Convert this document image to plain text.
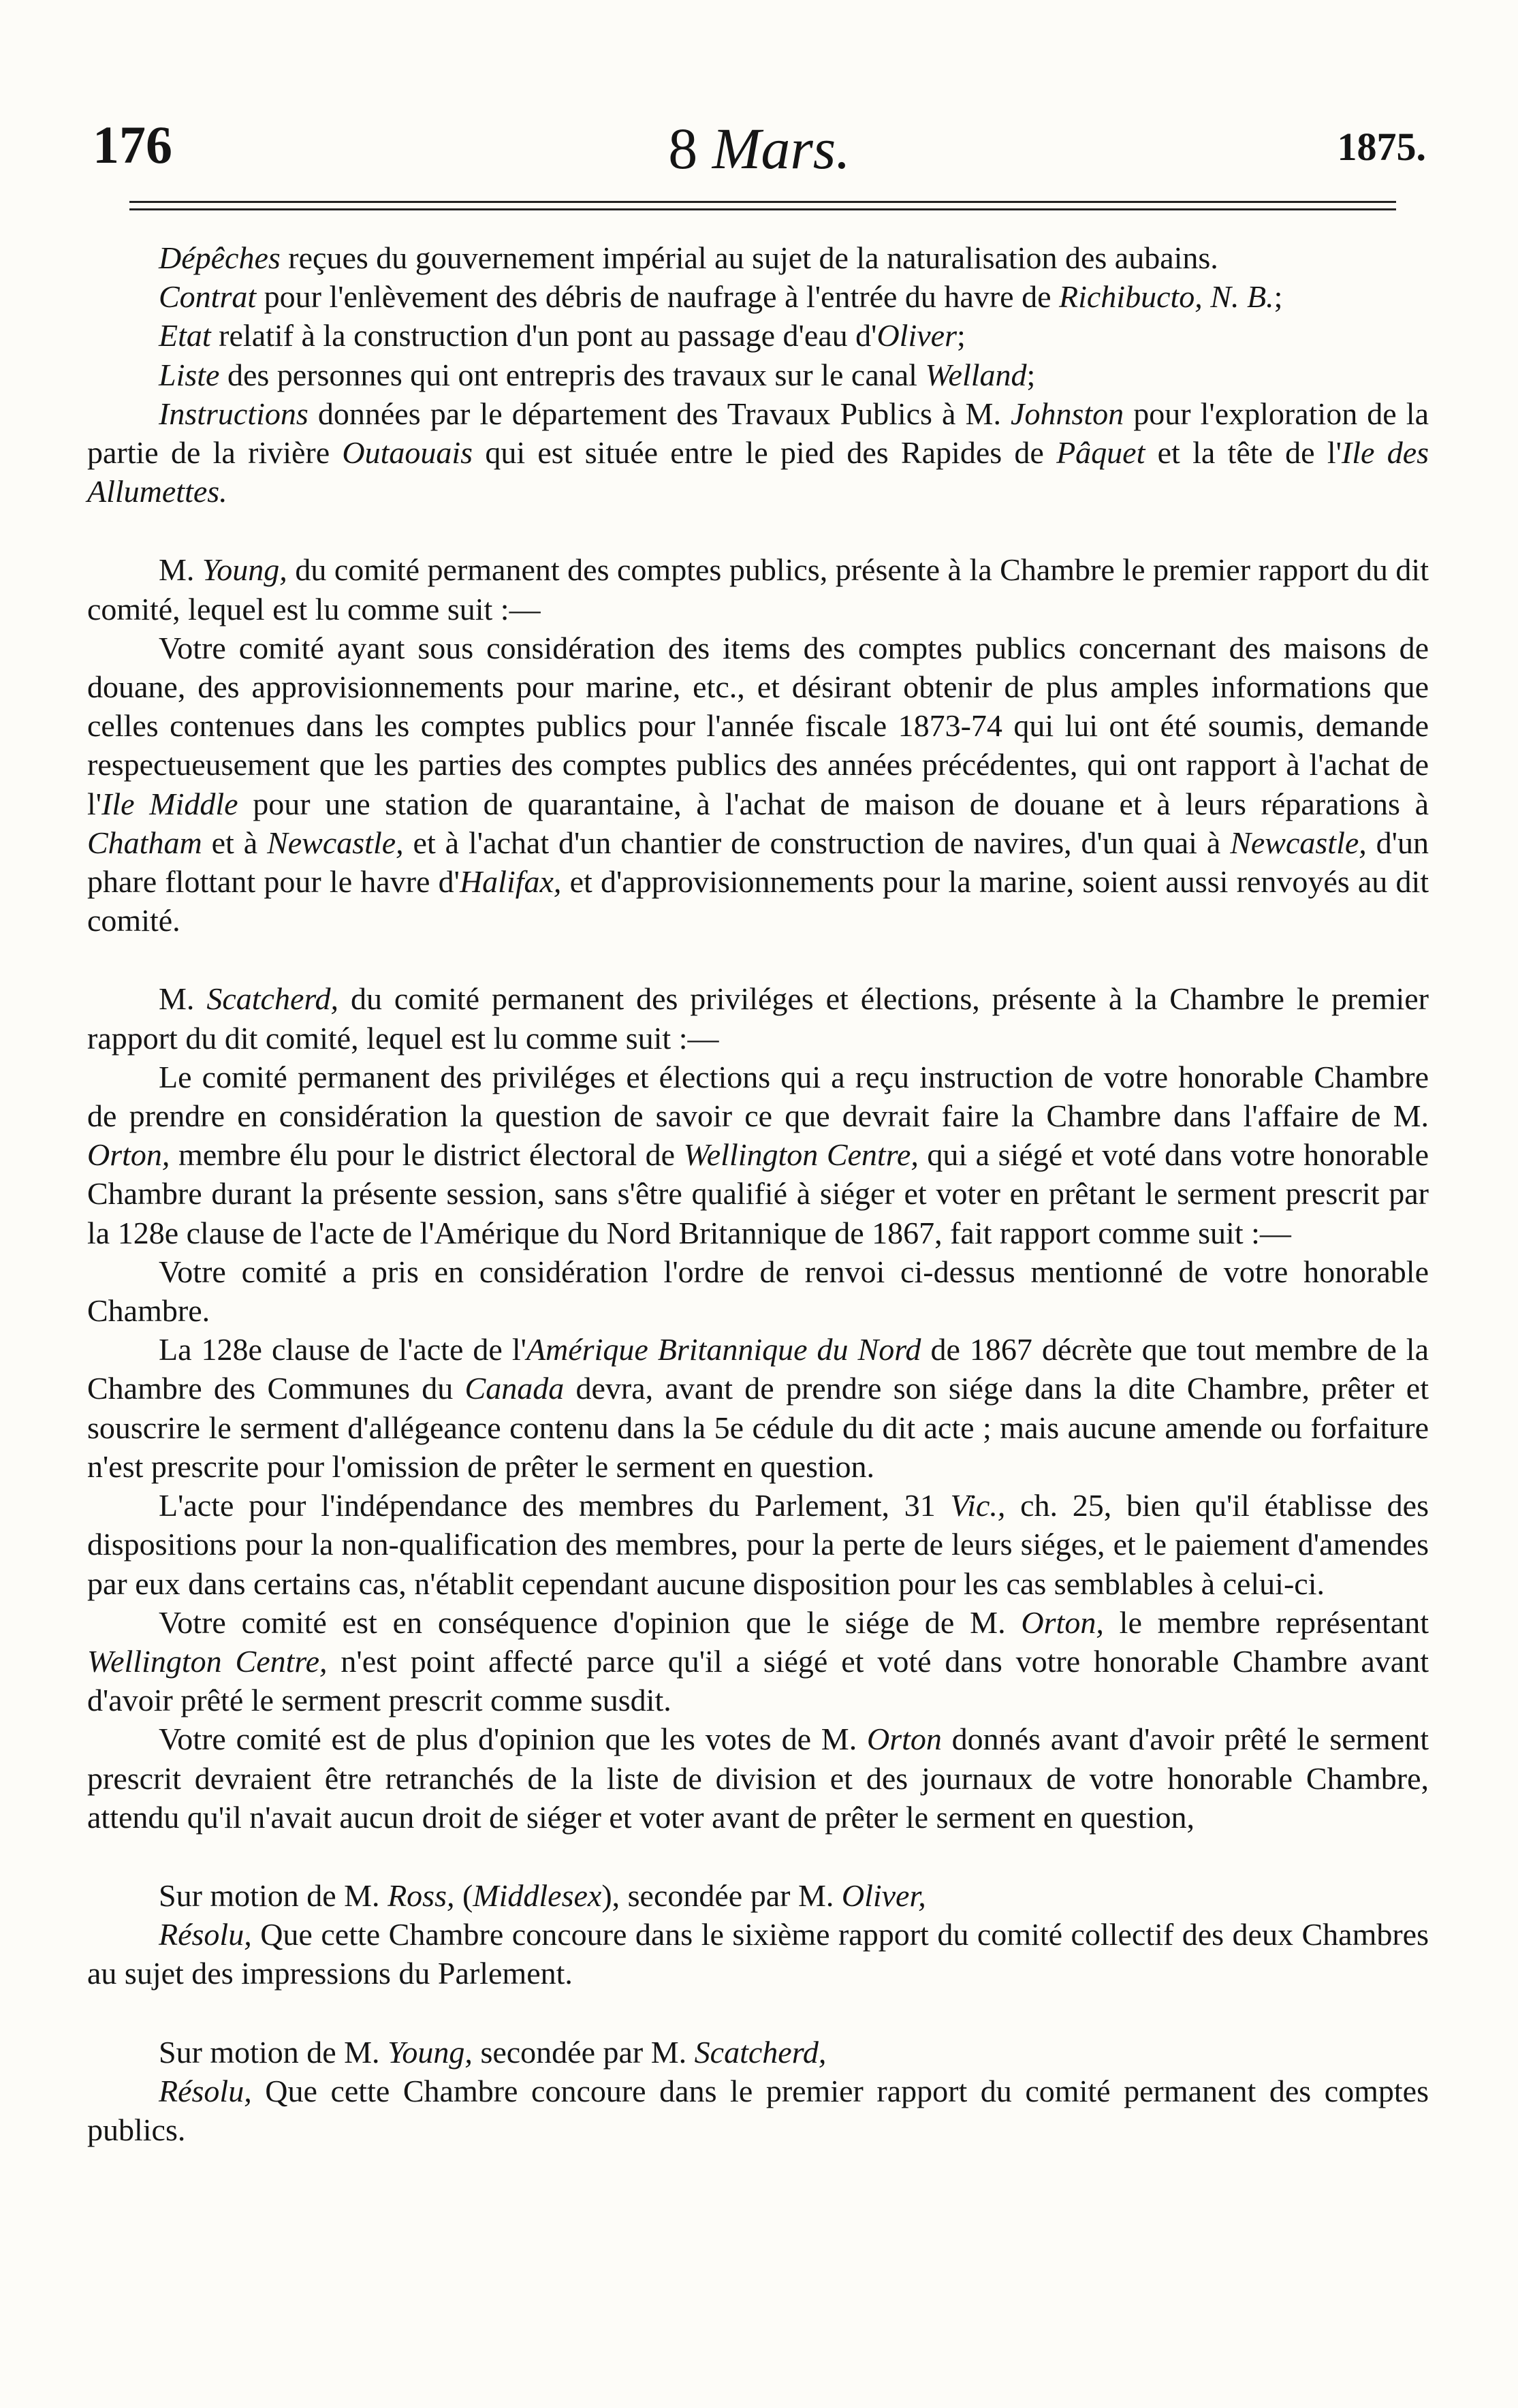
176	8 Mars.	1875.

Dépêches reçues du gouvernement impérial au sujet de la naturalisation des aubains.

Contrat pour l'enlèvement des débris de naufrage à l'entrée du havre de Richibucto, N. B.;

Etat relatif à la construction d'un pont au passage d'eau d'Oliver;

Liste des personnes qui ont entrepris des travaux sur le canal Welland;

Instructions données par le département des Travaux Publics à M. Johnston pour l'exploration de la partie de la rivière Outaouais qui est située entre le pied des Rapides de Pâquet et la tête de l'Ile des Allumettes.

M. Young, du comité permanent des comptes publics, présente à la Chambre le premier rapport du dit comité, lequel est lu comme suit :—

Votre comité ayant sous considération des items des comptes publics concernant des maisons de douane, des approvisionnements pour marine, etc., et désirant obtenir de plus amples informations que celles contenues dans les comptes publics pour l'année fiscale 1873-74 qui lui ont été soumis, demande respectueusement que les parties des comptes publics des années précédentes, qui ont rapport à l'achat de l'Ile Middle pour une station de quarantaine, à l'achat de maison de douane et à leurs réparations à Chatham et à Newcastle, et à l'achat d'un chantier de construction de navires, d'un quai à Newcastle, d'un phare flottant pour le havre d'Halifax, et d'approvisionnements pour la marine, soient aussi renvoyés au dit comité.

M. Scatcherd, du comité permanent des priviléges et élections, présente à la Chambre le premier rapport du dit comité, lequel est lu comme suit :—

Le comité permanent des priviléges et élections qui a reçu instruction de votre honorable Chambre de prendre en considération la question de savoir ce que devrait faire la Chambre dans l'affaire de M. Orton, membre élu pour le district électoral de Wellington Centre, qui a siégé et voté dans votre honorable Chambre durant la présente session, sans s'être qualifié à siéger et voter en prêtant le serment prescrit par la 128e clause de l'acte de l'Amérique du Nord Britannique de 1867, fait rapport comme suit :—

Votre comité a pris en considération l'ordre de renvoi ci-dessus mentionné de votre honorable Chambre.

La 128e clause de l'acte de l'Amérique Britannique du Nord de 1867 décrète que tout membre de la Chambre des Communes du Canada devra, avant de prendre son siége dans la dite Chambre, prêter et souscrire le serment d'allégeance contenu dans la 5e cédule du dit acte ; mais aucune amende ou forfaiture n'est prescrite pour l'omission de prêter le serment en question.

L'acte pour l'indépendance des membres du Parlement, 31 Vic., ch. 25, bien qu'il établisse des dispositions pour la non-qualification des membres, pour la perte de leurs siéges, et le paiement d'amendes par eux dans certains cas, n'établit cependant aucune disposition pour les cas semblables à celui-ci.

Votre comité est en conséquence d'opinion que le siége de M. Orton, le membre représentant Wellington Centre, n'est point affecté parce qu'il a siégé et voté dans votre honorable Chambre avant d'avoir prêté le serment prescrit comme susdit.

Votre comité est de plus d'opinion que les votes de M. Orton donnés avant d'avoir prêté le serment prescrit devraient être retranchés de la liste de division et des journaux de votre honorable Chambre, attendu qu'il n'avait aucun droit de siéger et voter avant de prêter le serment en question,

Sur motion de M. Ross, (Middlesex), secondée par M. Oliver,

Résolu, Que cette Chambre concoure dans le sixième rapport du comité collectif des deux Chambres au sujet des impressions du Parlement.

Sur motion de M. Young, secondée par M. Scatcherd,

Résolu, Que cette Chambre concoure dans le premier rapport du comité permanent des comptes publics.
